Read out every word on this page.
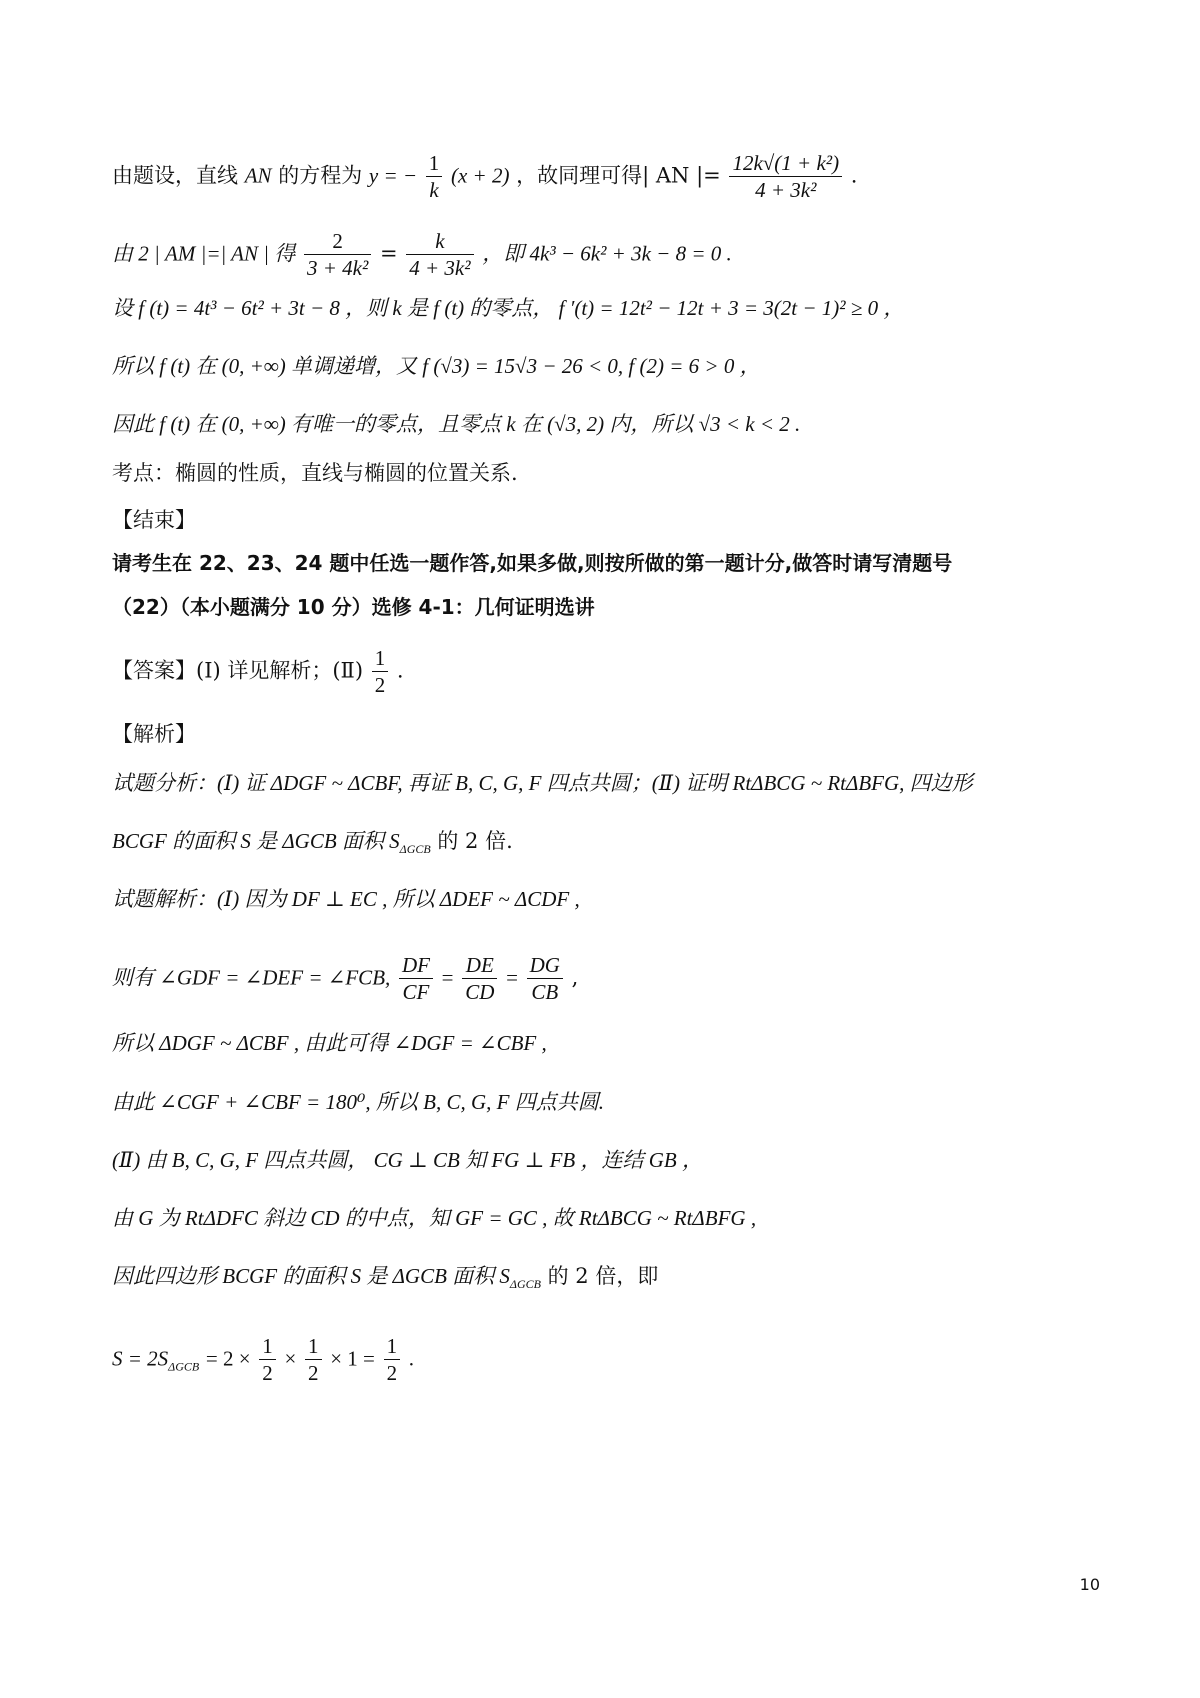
由题设，直线 AN 的方程为 y = − $\frac{1}{k} (x + 2)$ ，故同理可得| AN |= $\frac{\text{12k√(1 + k²)}}{\text{4 + 3k²}}$ .
由 2 | AM |=| AN | 得 $\frac{2}{\text{3 + 4k²}} = \frac{k}{\text{4 + 3k²}}$ ，即 4k³ − 6k² + 3k − 8 = 0 .
设 f (t) = 4t³ − 6t² + 3t − 8 ，则 k 是 f (t) 的零点， f ′(t) = 12t² − 12t + 3 = 3(2t − 1)² ≥ 0 ，
所以 f (t) 在 (0, +∞) 单调递增，又 f (√3) = 15√3 − 26 < 0, f (2) = 6 > 0 ，
因此 f (t) 在 (0, +∞) 有唯一的零点，且零点 k 在 (√3, 2) 内，所以 √3 < k < 2 .
考点：椭圆的性质，直线与椭圆的位置关系.
【结束】
请考生在 22、23、24 题中任选一题作答,如果多做,则按所做的第一题计分,做答时请写清题号
（22）（本小题满分 10 分）选修 4-1：几何证明选讲
【答案】(Ⅰ) 详见解析；(Ⅱ) $\frac{1}{2}$ .
【解析】
试题分析：(Ⅰ) 证 ΔDGF ~ ΔCBF, 再证 B, C, G, F 四点共圆；(Ⅱ) 证明 RtΔBCG ~ RtΔBFG, 四边形
BCGF 的面积 S 是 ΔGCB 面积 $S_{\Delta GCB}$ 的 2 倍.
试题解析：(Ⅰ) 因为 DF ⊥ EC , 所以 ΔDEF ~ ΔCDF ,
则有 ∠GDF = ∠DEF = ∠FCB, $\frac{DF}{CF} = \frac{DE}{CD} = \frac{DG}{CB}$ ,
所以 ΔDGF ~ ΔCBF , 由此可得 ∠DGF = ∠CBF ,
由此 ∠CGF + ∠CBF = 180⁰, 所以 B, C, G, F 四点共圆.
(Ⅱ) 由 B, C, G, F 四点共圆， CG ⊥ CB 知 FG ⊥ FB ，连结 GB ，
由 G 为 RtΔDFC 斜边 CD 的中点，知 GF = GC , 故 RtΔBCG ~ RtΔBFG ,
因此四边形 BCGF 的面积 S 是 ΔGCB 面积 $S_{\Delta GCB}$ 的 2 倍，即
$S = 2S_{\Delta GCB} = 2 \times \frac{1}{2} \times \frac{1}{2} \times 1 = \frac{1}{2}$ .
10
